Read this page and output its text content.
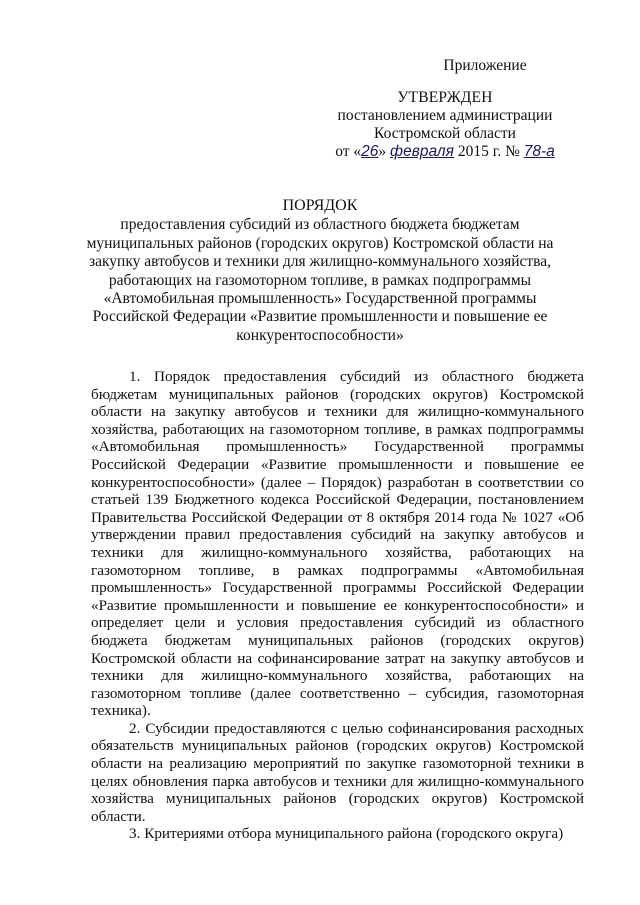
Приложение
УТВЕРЖДЕН
постановлением администрации
Костромской области
от «26» февраля 2015 г. № 78-а
ПОРЯДОК
предоставления субсидий из областного бюджета бюджетам
муниципальных районов (городских округов) Костромской области на
закупку автобусов и техники для жилищно-коммунального хозяйства,
работающих на газомоторном топливе, в рамках подпрограммы
«Автомобильная промышленность» Государственной программы
Российской Федерации «Развитие промышленности и повышение ее
конкурентоспособности»

1. Порядок предоставления субсидий из областного бюджета бюджетам муниципальных районов (городских округов) Костромской области на закупку автобусов и техники для жилищно-коммунального хозяйства, работающих на газомоторном топливе, в рамках подпрограммы «Автомобильная промышленность» Государственной программы Российской Федерации «Развитие промышленности и повышение ее конкурентоспособности» (далее – Порядок) разработан в соответствии со статьей 139 Бюджетного кодекса Российской Федерации, постановлением Правительства Российской Федерации от 8 октября 2014 года № 1027 «Об утверждении правил предоставления субсидий на закупку автобусов и техники для жилищно-коммунального хозяйства, работающих на газомоторном топливе, в рамках подпрограммы «Автомобильная промышленность» Государственной программы Российской Федерации «Развитие промышленности и повышение ее конкурентоспособности» и определяет цели и условия предоставления субсидий из областного бюджета бюджетам муниципальных районов (городских округов) Костромской области на софинансирование затрат на закупку автобусов и техники для жилищно-коммунального хозяйства, работающих на газомоторном топливе (далее соответственно – субсидия, газомоторная техника).

2. Субсидии предоставляются с целью софинансирования расходных обязательств муниципальных районов (городских округов) Костромской области на реализацию мероприятий по закупке газомоторной техники в целях обновления парка автобусов и техники для жилищно-коммунального хозяйства муниципальных районов (городских округов) Костромской области.

3. Критериями отбора муниципального района (городского округа)
